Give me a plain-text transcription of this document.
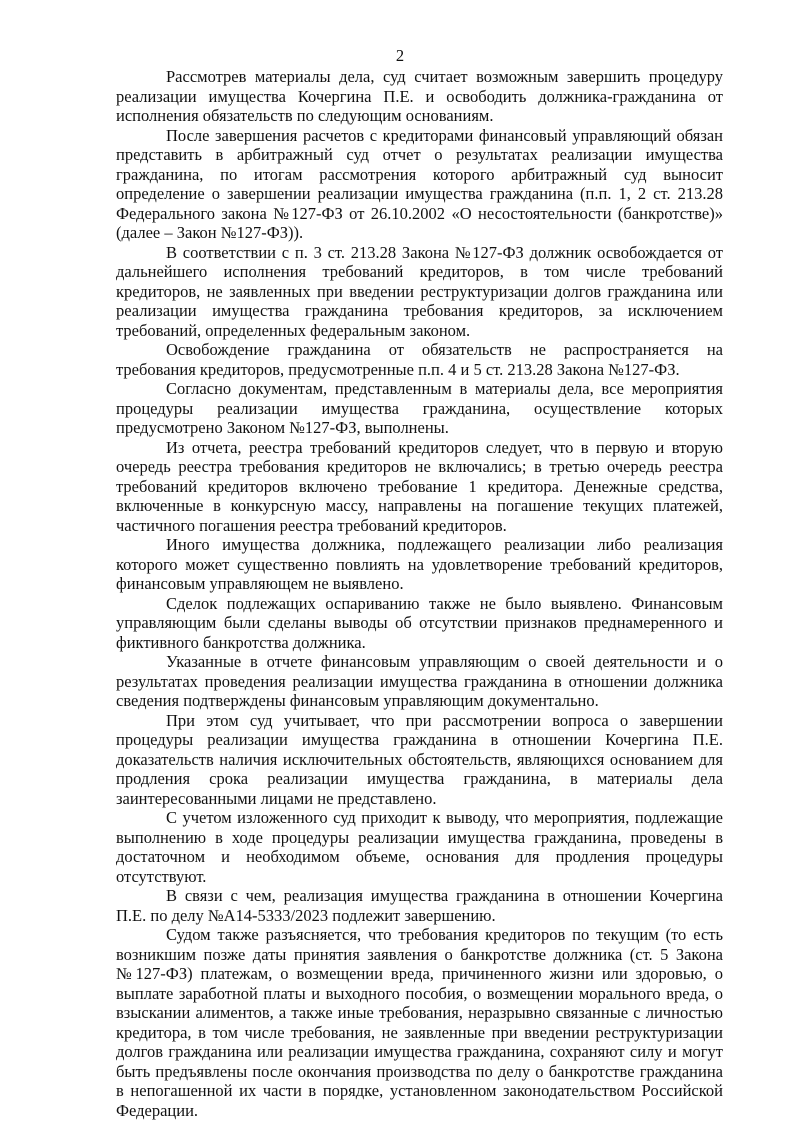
2

Рассмотрев материалы дела, суд считает возможным завершить процедуру реализации имущества Кочергина П.Е. и освободить должника-гражданина от исполнения обязательств по следующим основаниям.

После завершения расчетов с кредиторами финансовый управляющий обязан представить в арбитражный суд отчет о результатах реализации имущества гражданина, по итогам рассмотрения которого арбитражный суд выносит определение о завершении реализации имущества гражданина (п.п. 1, 2 ст. 213.28 Федерального закона №127-ФЗ от 26.10.2002 «О несостоятельности (банкротстве)» (далее – Закон №127-ФЗ)).

В соответствии с п. 3 ст. 213.28 Закона №127-ФЗ должник освобождается от дальнейшего исполнения требований кредиторов, в том числе требований кредиторов, не заявленных при введении реструктуризации долгов гражданина или реализации имущества гражданина требования кредиторов, за исключением требований, определенных федеральным законом.

Освобождение гражданина от обязательств не распространяется на требования кредиторов, предусмотренные п.п. 4 и 5 ст. 213.28 Закона №127-ФЗ.

Согласно документам, представленным в материалы дела, все мероприятия процедуры реализации имущества гражданина, осуществление которых предусмотрено Законом №127-ФЗ, выполнены.

Из отчета, реестра требований кредиторов следует, что в первую и вторую очередь реестра требования кредиторов не включались; в третью очередь реестра требований кредиторов включено требование 1 кредитора. Денежные средства, включенные в конкурсную массу, направлены на погашение текущих платежей, частичного погашения реестра требований кредиторов.

Иного имущества должника, подлежащего реализации либо реализация которого может существенно повлиять на удовлетворение требований кредиторов, финансовым управляющем не выявлено.

Сделок подлежащих оспариванию также не было выявлено. Финансовым управляющим были сделаны выводы об отсутствии признаков преднамеренного и фиктивного банкротства должника.

Указанные в отчете финансовым управляющим о своей деятельности и о результатах проведения реализации имущества гражданина в отношении должника сведения подтверждены финансовым управляющим документально.

При этом суд учитывает, что при рассмотрении вопроса о завершении процедуры реализации имущества гражданина в отношении Кочергина П.Е. доказательств наличия исключительных обстоятельств, являющихся основанием для продления срока реализации имущества гражданина, в материалы дела заинтересованными лицами не представлено.

С учетом изложенного суд приходит к выводу, что мероприятия, подлежащие выполнению в ходе процедуры реализации имущества гражданина, проведены в достаточном и необходимом объеме, основания для продления процедуры отсутствуют.

В связи с чем, реализация имущества гражданина в отношении Кочергина П.Е. по делу №А14-5333/2023 подлежит завершению.

Судом также разъясняется, что требования кредиторов по текущим (то есть возникшим позже даты принятия заявления о банкротстве должника (ст. 5 Закона №127-ФЗ) платежам, о возмещении вреда, причиненного жизни или здоровью, о выплате заработной платы и выходного пособия, о возмещении морального вреда, о взыскании алиментов, а также иные требования, неразрывно связанные с личностью кредитора, в том числе требования, не заявленные при введении реструктуризации долгов гражданина или реализации имущества гражданина, сохраняют силу и могут быть предъявлены после окончания производства по делу о банкротстве гражданина в непогашенной их части в порядке, установленном законодательством Российской Федерации.
